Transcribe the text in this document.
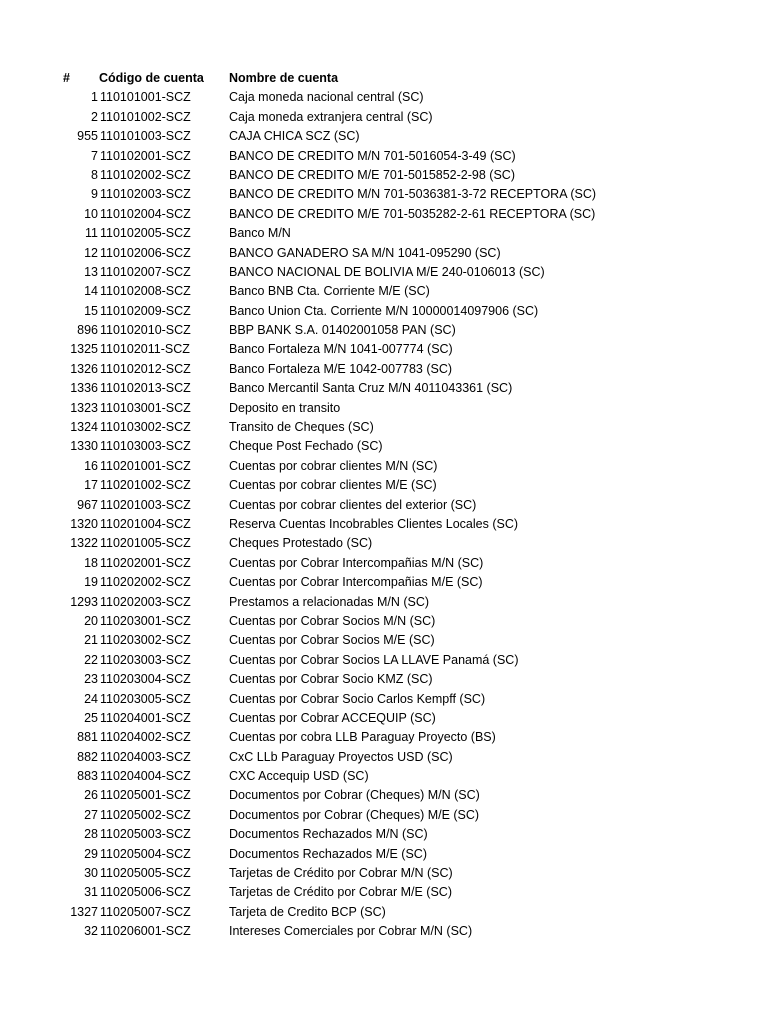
# Código de cuenta Nombre de cuenta
1 110101001-SCZ	Caja moneda nacional central (SC)
2 110101002-SCZ	Caja moneda extranjera central (SC)
955 110101003-SCZ	CAJA CHICA SCZ (SC)
7 110102001-SCZ	BANCO DE CREDITO M/N 701-5016054-3-49 (SC)
8 110102002-SCZ	BANCO DE CREDITO M/E 701-5015852-2-98 (SC)
9 110102003-SCZ	BANCO DE CREDITO M/N 701-5036381-3-72 RECEPTORA (SC)
10 110102004-SCZ	BANCO DE CREDITO M/E 701-5035282-2-61 RECEPTORA (SC)
11 110102005-SCZ	Banco M/N
12 110102006-SCZ	BANCO GANADERO SA M/N 1041-095290 (SC)
13 110102007-SCZ	BANCO NACIONAL DE BOLIVIA M/E 240-0106013 (SC)
14 110102008-SCZ	Banco BNB Cta. Corriente M/E (SC)
15 110102009-SCZ	Banco Union Cta. Corriente M/N 10000014097906 (SC)
896 110102010-SCZ	BBP BANK S.A. 01402001058 PAN (SC)
1325 110102011-SCZ	Banco Fortaleza M/N 1041-007774 (SC)
1326 110102012-SCZ	Banco Fortaleza M/E 1042-007783 (SC)
1336 110102013-SCZ	Banco Mercantil Santa Cruz M/N 4011043361 (SC)
1323 110103001-SCZ	Deposito en transito
1324 110103002-SCZ	Transito de Cheques (SC)
1330 110103003-SCZ	Cheque Post Fechado (SC)
16 110201001-SCZ	Cuentas por cobrar clientes M/N (SC)
17 110201002-SCZ	Cuentas por cobrar clientes M/E (SC)
967 110201003-SCZ	Cuentas por cobrar clientes del exterior (SC)
1320 110201004-SCZ	Reserva Cuentas Incobrables Clientes Locales (SC)
1322 110201005-SCZ	Cheques Protestado (SC)
18 110202001-SCZ	Cuentas por Cobrar Intercompañias M/N (SC)
19 110202002-SCZ	Cuentas por Cobrar Intercompañias M/E (SC)
1293 110202003-SCZ	Prestamos a relacionadas M/N (SC)
20 110203001-SCZ	Cuentas por Cobrar Socios M/N (SC)
21 110203002-SCZ	Cuentas por Cobrar Socios M/E (SC)
22 110203003-SCZ	Cuentas por Cobrar Socios LA LLAVE Panamá (SC)
23 110203004-SCZ	Cuentas por Cobrar Socio KMZ (SC)
24 110203005-SCZ	Cuentas por Cobrar Socio Carlos Kempff (SC)
25 110204001-SCZ	Cuentas por Cobrar ACCEQUIP (SC)
881 110204002-SCZ	Cuentas por cobra LLB Paraguay Proyecto (BS)
882 110204003-SCZ	CxC LLb Paraguay Proyectos USD (SC)
883 110204004-SCZ	CXC Accequip USD (SC)
26 110205001-SCZ	Documentos por Cobrar (Cheques) M/N (SC)
27 110205002-SCZ	Documentos por Cobrar (Cheques) M/E (SC)
28 110205003-SCZ	Documentos Rechazados M/N (SC)
29 110205004-SCZ	Documentos Rechazados M/E (SC)
30 110205005-SCZ	Tarjetas de Crédito por Cobrar M/N (SC)
31 110205006-SCZ	Tarjetas de Crédito por Cobrar M/E (SC)
1327 110205007-SCZ	Tarjeta de Credito BCP (SC)
32 110206001-SCZ	Intereses Comerciales por Cobrar M/N (SC)
